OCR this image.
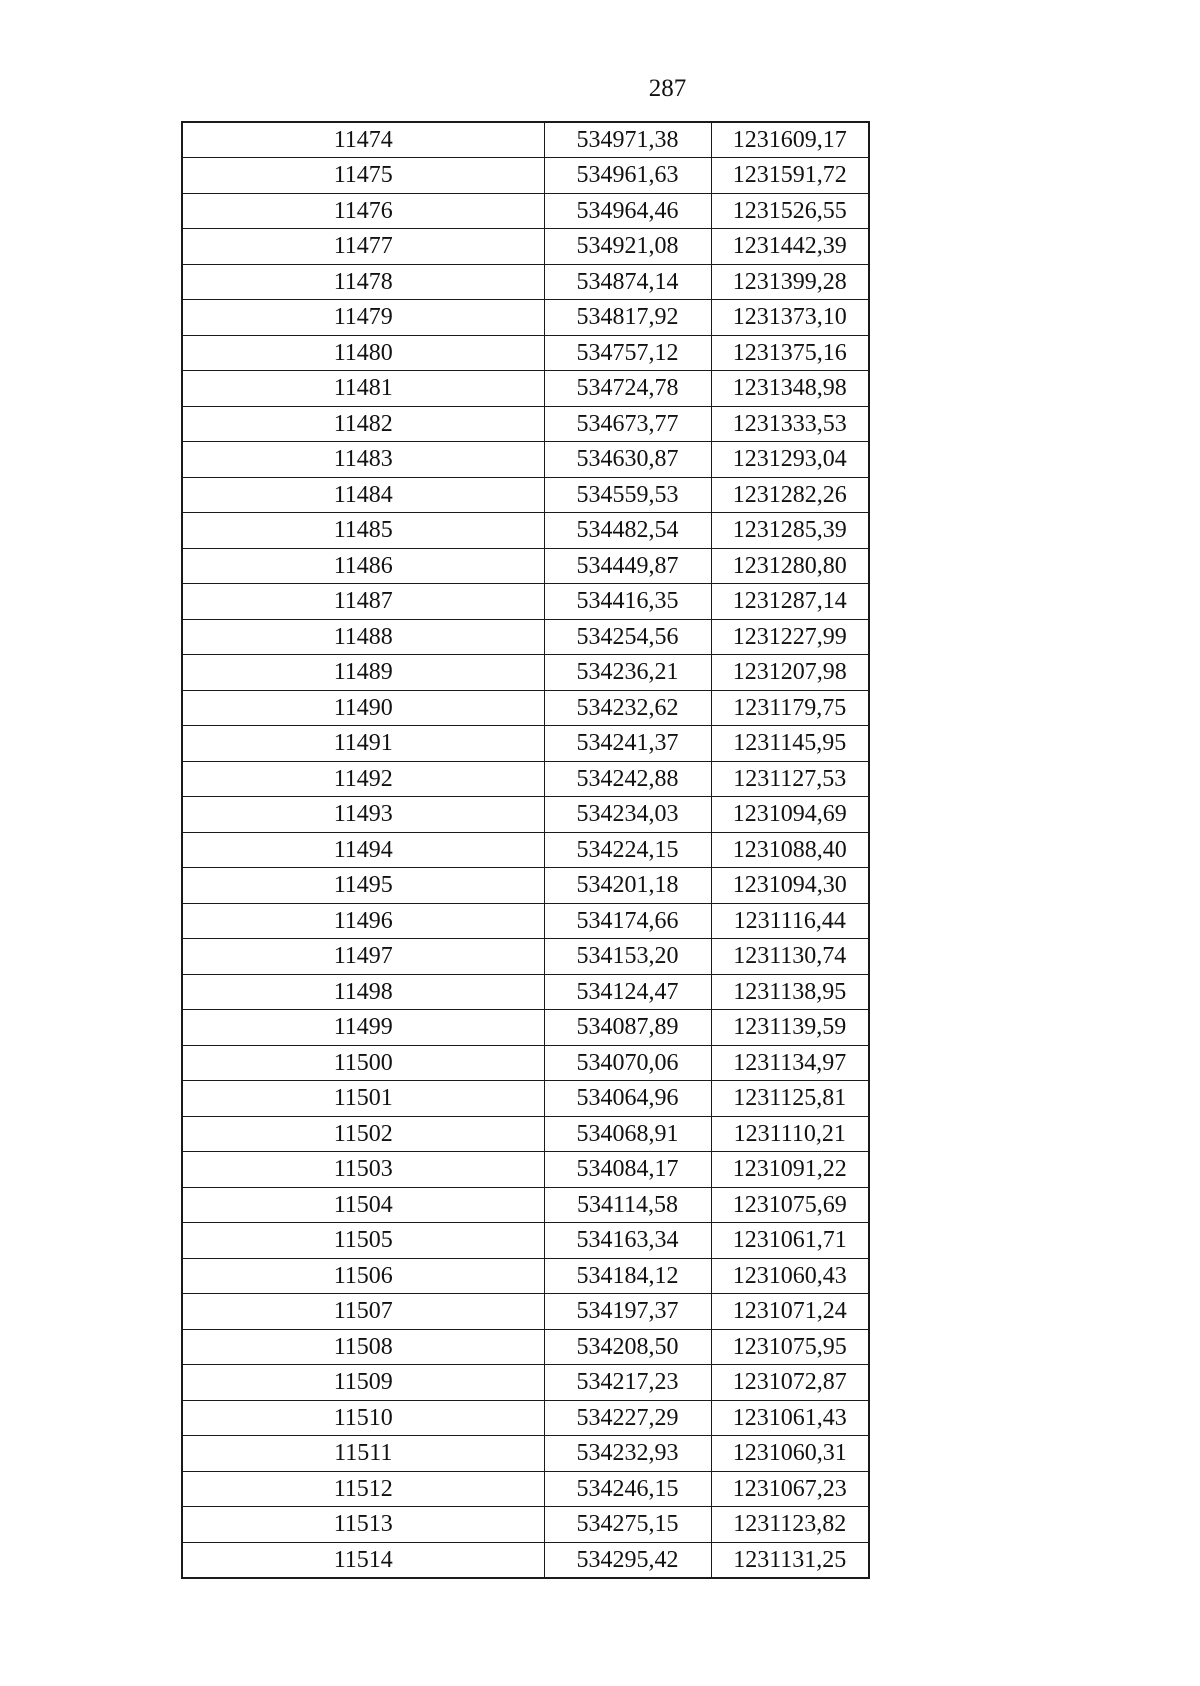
287
11474	534971,38	1231609,17
11475	534961,63	1231591,72
11476	534964,46	1231526,55
11477	534921,08	1231442,39
11478	534874,14	1231399,28
11479	534817,92	1231373,10
11480	534757,12	1231375,16
11481	534724,78	1231348,98
11482	534673,77	1231333,53
11483	534630,87	1231293,04
11484	534559,53	1231282,26
11485	534482,54	1231285,39
11486	534449,87	1231280,80
11487	534416,35	1231287,14
11488	534254,56	1231227,99
11489	534236,21	1231207,98
11490	534232,62	1231179,75
11491	534241,37	1231145,95
11492	534242,88	1231127,53
11493	534234,03	1231094,69
11494	534224,15	1231088,40
11495	534201,18	1231094,30
11496	534174,66	1231116,44
11497	534153,20	1231130,74
11498	534124,47	1231138,95
11499	534087,89	1231139,59
11500	534070,06	1231134,97
11501	534064,96	1231125,81
11502	534068,91	1231110,21
11503	534084,17	1231091,22
11504	534114,58	1231075,69
11505	534163,34	1231061,71
11506	534184,12	1231060,43
11507	534197,37	1231071,24
11508	534208,50	1231075,95
11509	534217,23	1231072,87
11510	534227,29	1231061,43
11511	534232,93	1231060,31
11512	534246,15	1231067,23
11513	534275,15	1231123,82
11514	534295,42	1231131,25
